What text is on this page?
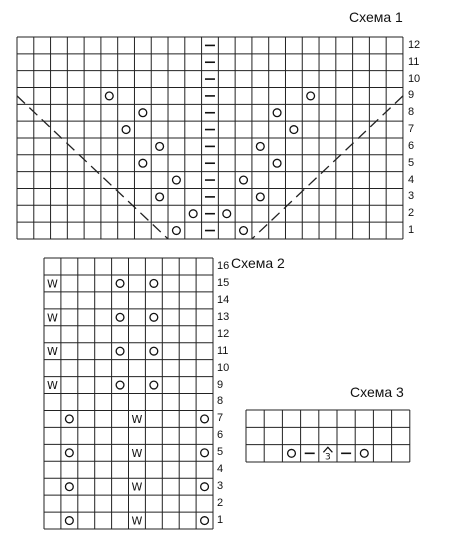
Схема 1
12
11
10
9
8
7
6
5
4
3
2
1
Схема 2
W
W
W
W
W
W
W
W
16
15
14
13
12
11
10
9
8
7
6
5
4
3
2
1
Схема 3
3
